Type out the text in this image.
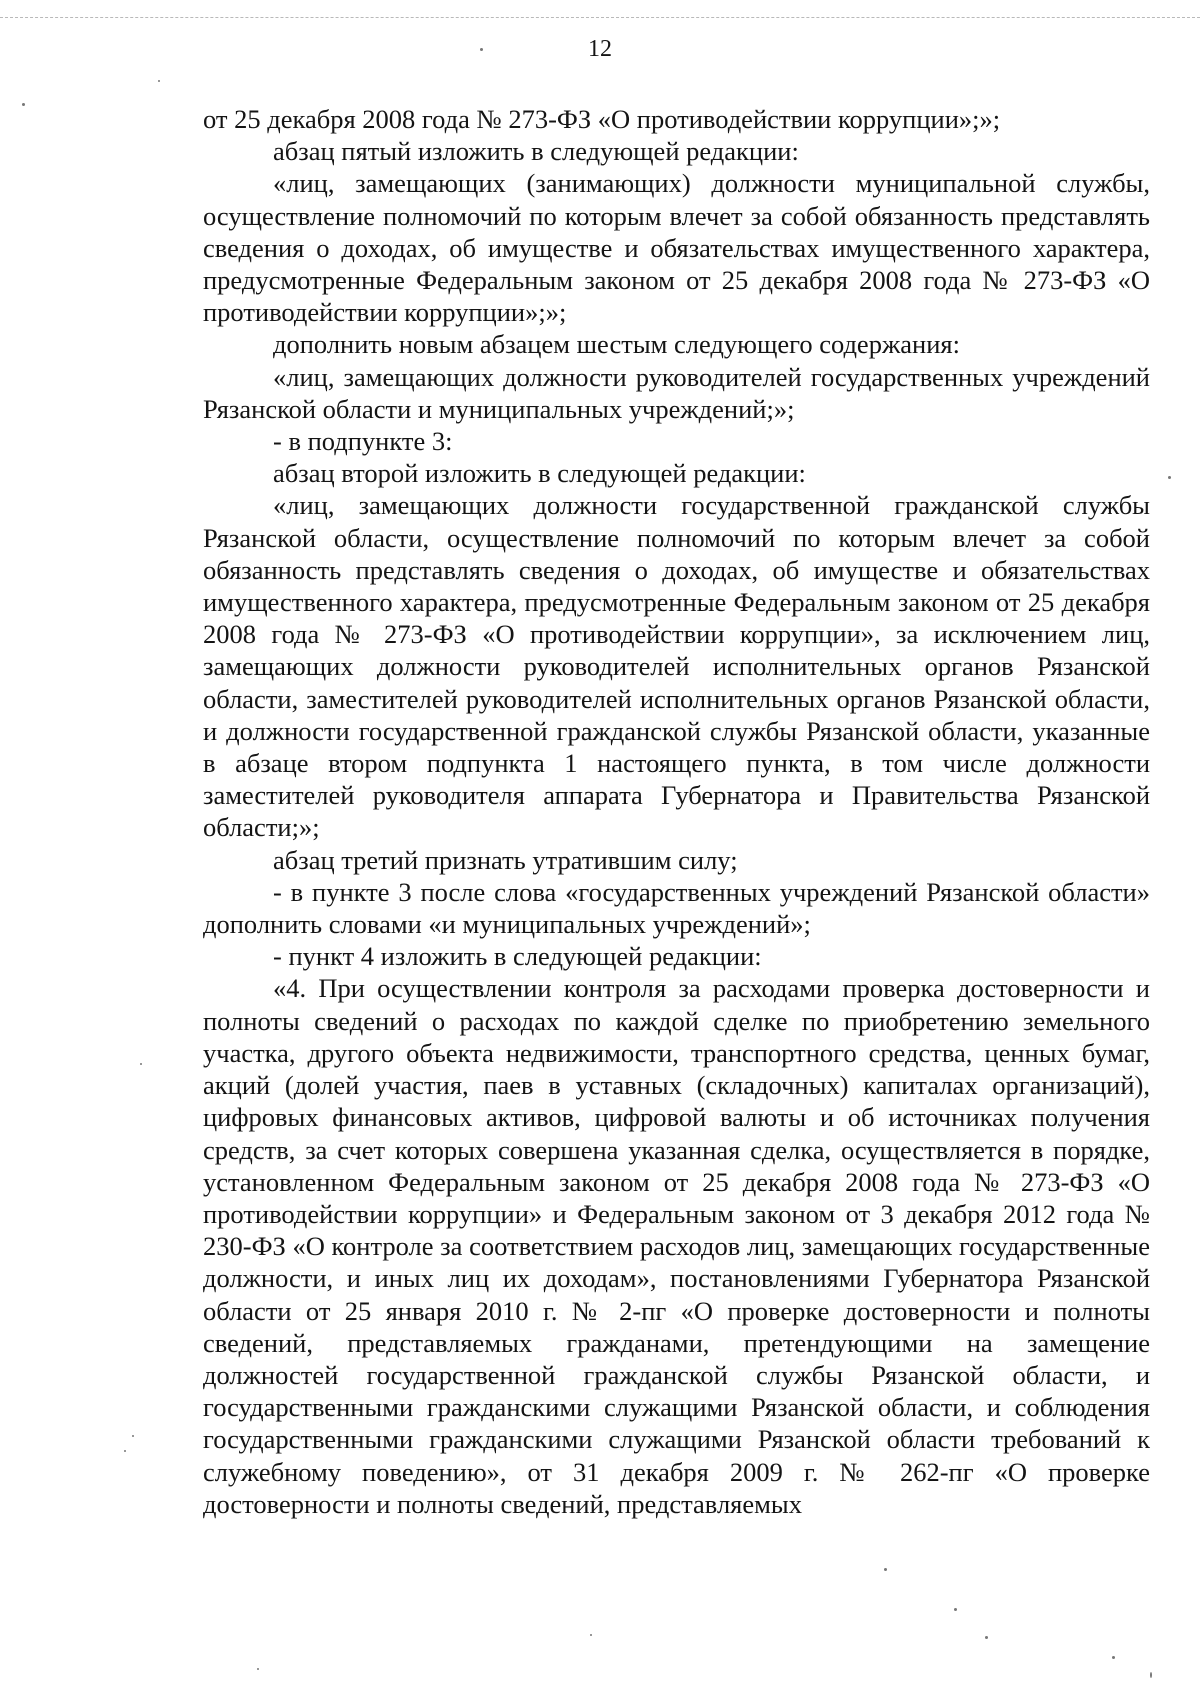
12

от 25 декабря 2008 года № 273-ФЗ «О противодействии коррупции»;»;

абзац пятый изложить в следующей редакции:

«лиц, замещающих (занимающих) должности муниципальной службы, осуществление полномочий по которым влечет за собой обязанность представлять сведения о доходах, об имуществе и обязательствах имущественного характера, предусмотренные Федеральным законом от 25 декабря 2008 года № 273-ФЗ «О противодействии коррупции»;»;

дополнить новым абзацем шестым следующего содержания:

«лиц, замещающих должности руководителей государственных учреждений Рязанской области и муниципальных учреждений;»;

- в подпункте 3:

абзац второй изложить в следующей редакции:

«лиц, замещающих должности государственной гражданской службы Рязанской области, осуществление полномочий по которым влечет за собой обязанность представлять сведения о доходах, об имуществе и обязательствах имущественного характера, предусмотренные Федеральным законом от 25 декабря 2008 года № 273-ФЗ «О противодействии коррупции», за исключением лиц, замещающих должности руководителей исполнительных органов Рязанской области, заместителей руководителей исполнительных органов Рязанской области, и должности государственной гражданской службы Рязанской области, указанные в абзаце втором подпункта 1 настоящего пункта, в том числе должности заместителей руководителя аппарата Губернатора и Правительства Рязанской области;»;

абзац третий признать утратившим силу;

- в пункте 3 после слова «государственных учреждений Рязанской области» дополнить словами «и муниципальных учреждений»;

- пункт 4 изложить в следующей редакции:

«4. При осуществлении контроля за расходами проверка достоверности и полноты сведений о расходах по каждой сделке по приобретению земельного участка, другого объекта недвижимости, транспортного средства, ценных бумаг, акций (долей участия, паев в уставных (складочных) капиталах организаций), цифровых финансовых активов, цифровой валюты и об источниках получения средств, за счет которых совершена указанная сделка, осуществляется в порядке, установленном Федеральным законом от 25 декабря 2008 года № 273-ФЗ «О противодействии коррупции» и Федеральным законом от 3 декабря 2012 года № 230-ФЗ «О контроле за соответствием расходов лиц, замещающих государственные должности, и иных лиц их доходам», постановлениями Губернатора Рязанской области от 25 января 2010 г. № 2-пг «О проверке достоверности и полноты сведений, представляемых гражданами, претендующими на замещение должностей государственной гражданской службы Рязанской области, и государственными гражданскими служащими Рязанской области, и соблюдения государственными гражданскими служащими Рязанской области требований к служебному поведению», от 31 декабря 2009 г. № 262-пг «О проверке достоверности и полноты сведений, представляемых
